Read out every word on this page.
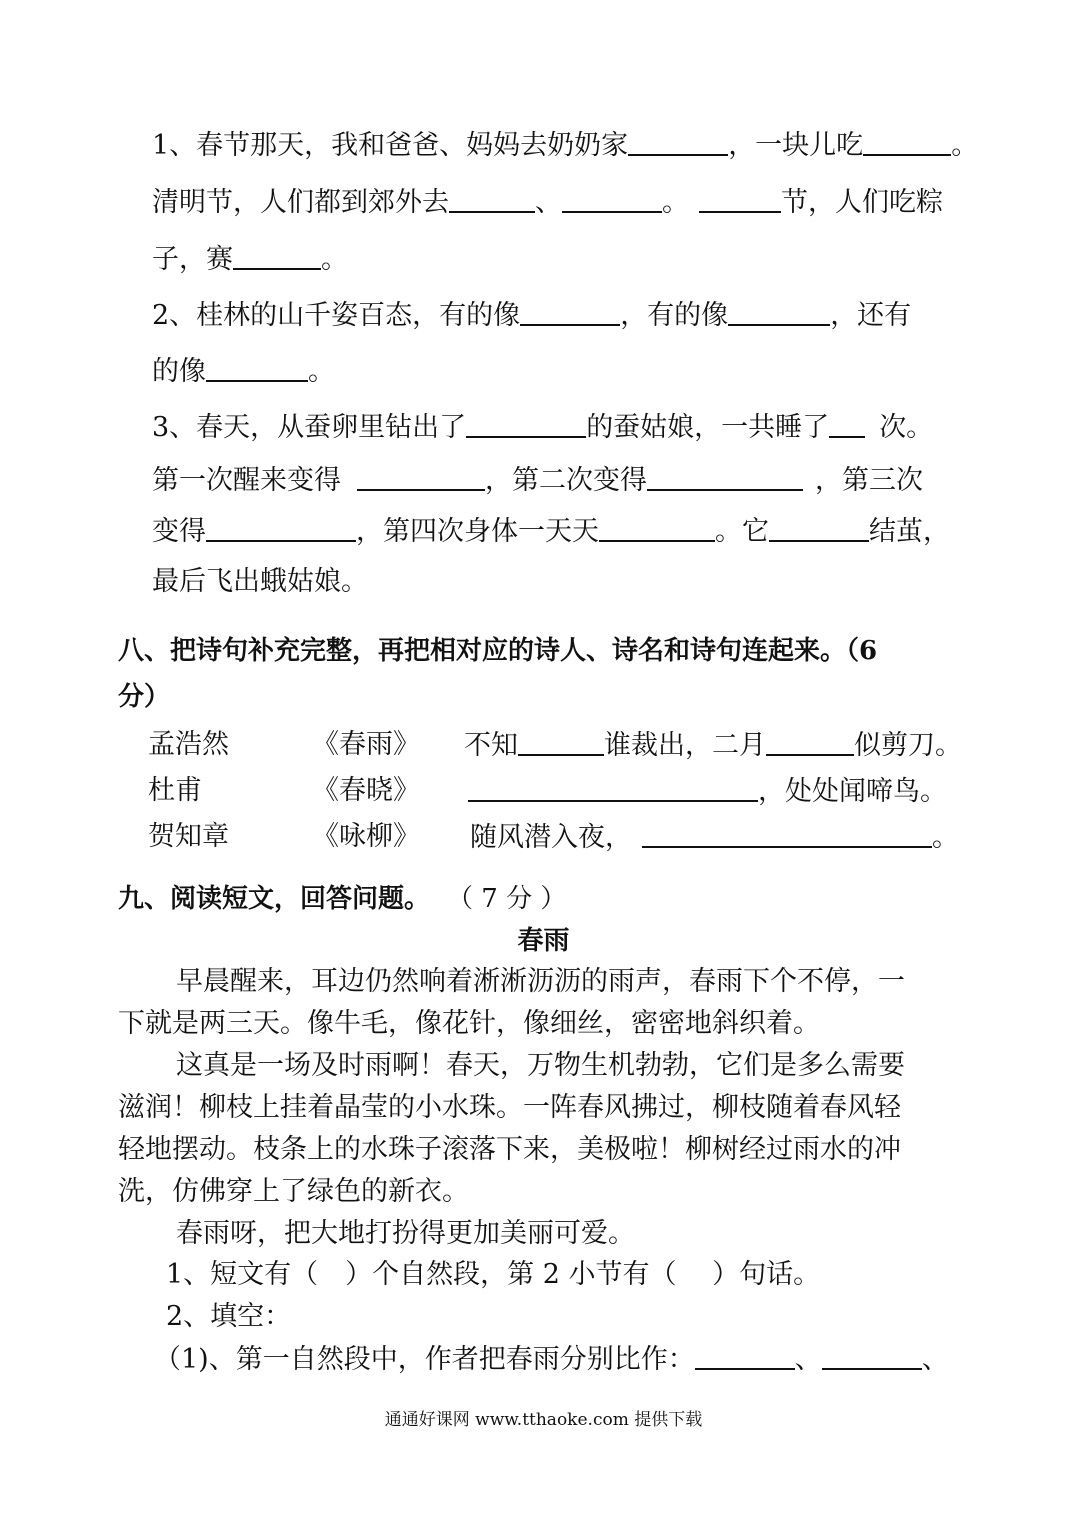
1、春节那天，我和爸爸、妈妈去奶奶家	，一块儿吃	。
清明节，人们都到郊外去	、	。	节，人们吃粽
子，赛	。
2、桂林的山千姿百态，有的像	，有的像	，还有
的像	。
3、春天，从蚕卵里钻出了	的蚕姑娘，一共睡了 次。
第一次醒来变得	，第二次变得	，第三次
变得	，第四次身体一天天	。它	结茧，
最后飞出蛾姑娘。
八、把诗句补充完整，再把相对应的诗人、诗名和诗句连起来。（6
分）
孟浩然	《春雨》 不知	谁裁出，二月	似剪刀。
杜甫	《春晓》	，处处闻啼鸟。
贺知章	《咏柳》 随风潜入夜，	。
九、阅读短文，回答问题。 （ 7 分 ）
春雨
早晨醒来，耳边仍然响着淅淅沥沥的雨声，春雨下个不停，一
下就是两三天。像牛毛，像花针，像细丝，密密地斜织着。
这真是一场及时雨啊！春天，万物生机勃勃，它们是多么需要
滋润！柳枝上挂着晶莹的小水珠。一阵春风拂过，柳枝随着春风轻
轻地摆动。枝条上的水珠子滚落下来，美极啦！柳树经过雨水的冲
洗，仿佛穿上了绿色的新衣。
春雨呀，把大地打扮得更加美丽可爱。
1、短文有（　）个自然段，第 2 小节有（　 ）句话。
2、填空：
（1)、第一自然段中，作者把春雨分别比作：	、	、
通通好课网 www.tthaoke.com 提供下载
